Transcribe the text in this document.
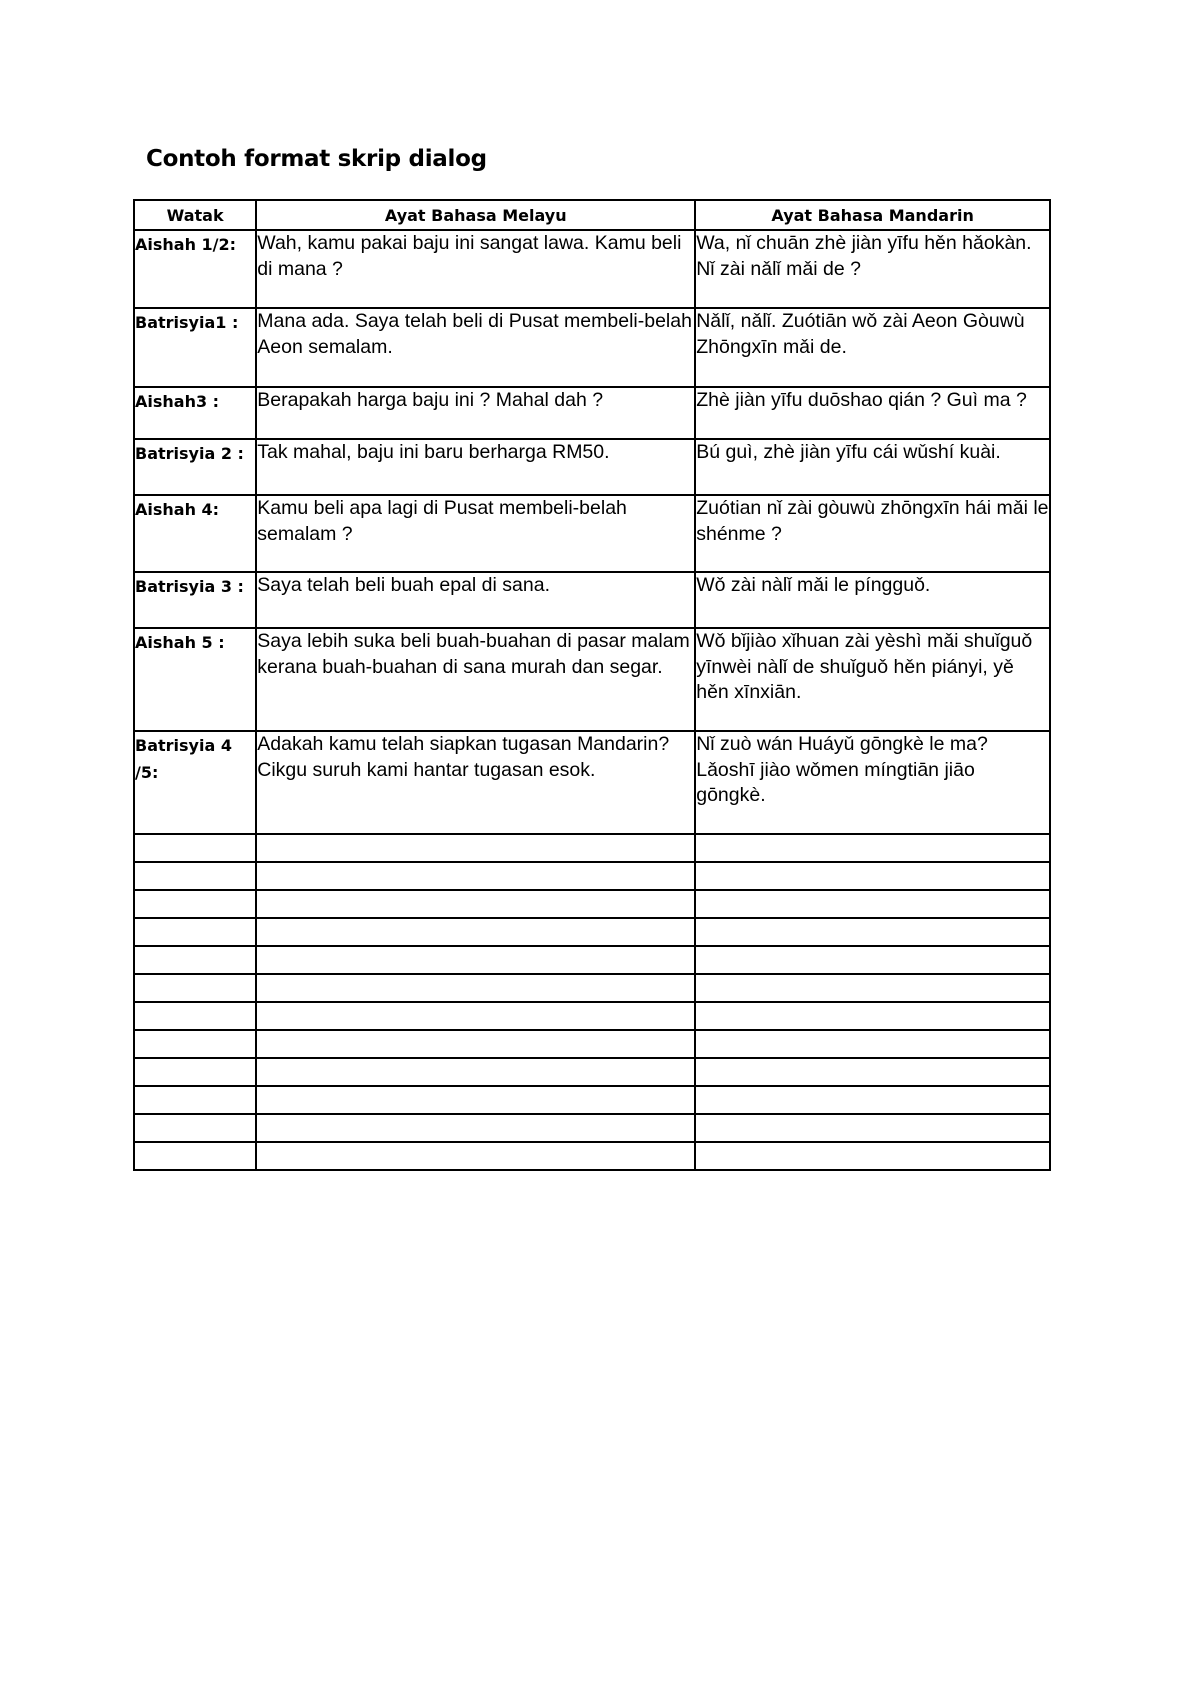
Contoh format skrip dialog
Watak	Ayat Bahasa Melayu	Ayat Bahasa Mandarin
Aishah 1/2:	Wah, kamu pakai baju ini sangat lawa. Kamu beli di mana ?	Wa, nǐ chuān zhè jiàn yīfu hěn hǎokàn. Nǐ zài nǎlǐ mǎi de ?
Batrisyia1 :	Mana ada. Saya telah beli di Pusat membeli-belah Aeon semalam.	Nǎlǐ, nǎlǐ. Zuótiān wǒ zài Aeon Gòuwù Zhōngxīn mǎi de.
Aishah3 :	Berapakah harga baju ini ? Mahal dah ?	Zhè jiàn yīfu duōshao qián ? Guì ma ?
Batrisyia 2 :	Tak mahal, baju ini baru berharga RM50.	Bú guì, zhè jiàn yīfu cái wǔshí kuài.
Aishah 4:	Kamu beli apa lagi di Pusat membeli-belah semalam ?	Zuótian nǐ zài gòuwù zhōngxīn hái mǎi le shénme ?
Batrisyia 3 :	Saya telah beli buah epal di sana.	Wǒ zài nàlǐ mǎi le píngguǒ.
Aishah 5 :	Saya lebih suka beli buah-buahan di pasar malam kerana buah-buahan di sana murah dan segar.	Wǒ bǐjiào xǐhuan zài yèshì mǎi shuǐguǒ yīnwèi nàlǐ de shuǐguǒ hěn piányi, yě hěn xīnxiān.
Batrisyia 4 /5:	Adakah kamu telah siapkan tugasan Mandarin? Cikgu suruh kami hantar tugasan esok.	Nǐ zuò wán Huáyǔ gōngkè le ma? Lǎoshī jiào wǒmen míngtiān jiāo gōngkè.
